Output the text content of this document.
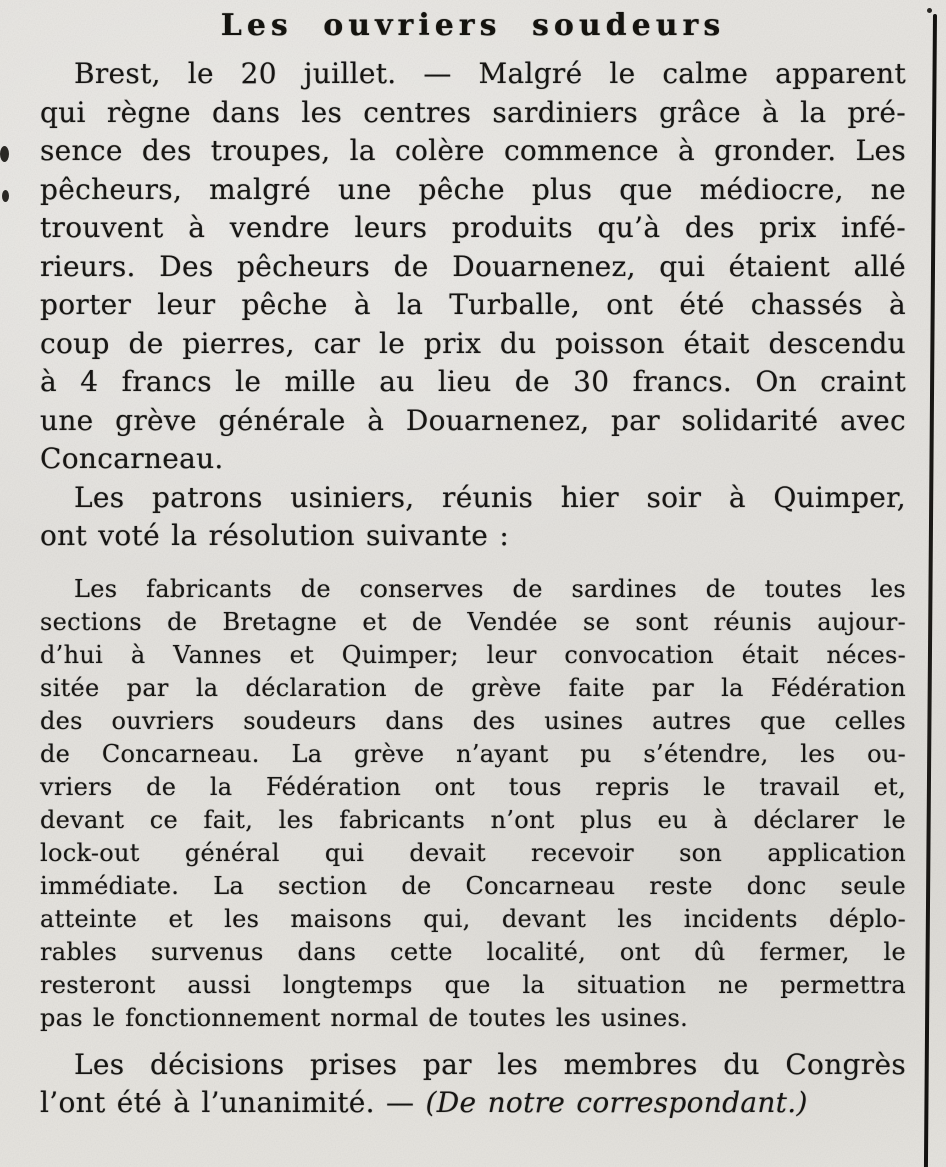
Les ouvriers soudeurs
Brest, le 20 juillet. — Malgré le calme apparent
qui règne dans les centres sardiniers grâce à la pré-
sence des troupes, la colère commence à gronder. Les
pêcheurs, malgré une pêche plus que médiocre, ne
trouvent à vendre leurs produits qu’à des prix infé-
rieurs. Des pêcheurs de Douarnenez, qui étaient allé
porter leur pêche à la Turballe, ont été chassés à
coup de pierres, car le prix du poisson était descendu
à 4 francs le mille au lieu de 30 francs. On craint
une grève générale à Douarnenez, par solidarité avec
Concarneau.
Les patrons usiniers, réunis hier soir à Quimper,
ont voté la résolution suivante :
Les fabricants de conserves de sardines de toutes les
sections de Bretagne et de Vendée se sont réunis aujour-
d’hui à Vannes et Quimper; leur convocation était néces-
sitée par la déclaration de grève faite par la Fédération
des ouvriers soudeurs dans des usines autres que celles
de Concarneau. La grève n’ayant pu s’étendre, les ou-
vriers de la Fédération ont tous repris le travail et,
devant ce fait, les fabricants n’ont plus eu à déclarer le
lock-out général qui devait recevoir son application
immédiate. La section de Concarneau reste donc seule
atteinte et les maisons qui, devant les incidents déplo-
rables survenus dans cette localité, ont dû fermer, le
resteront aussi longtemps que la situation ne permettra
pas le fonctionnement normal de toutes les usines.
Les décisions prises par les membres du Congrès
l’ont été à l’unanimité. — (De notre correspondant.)
